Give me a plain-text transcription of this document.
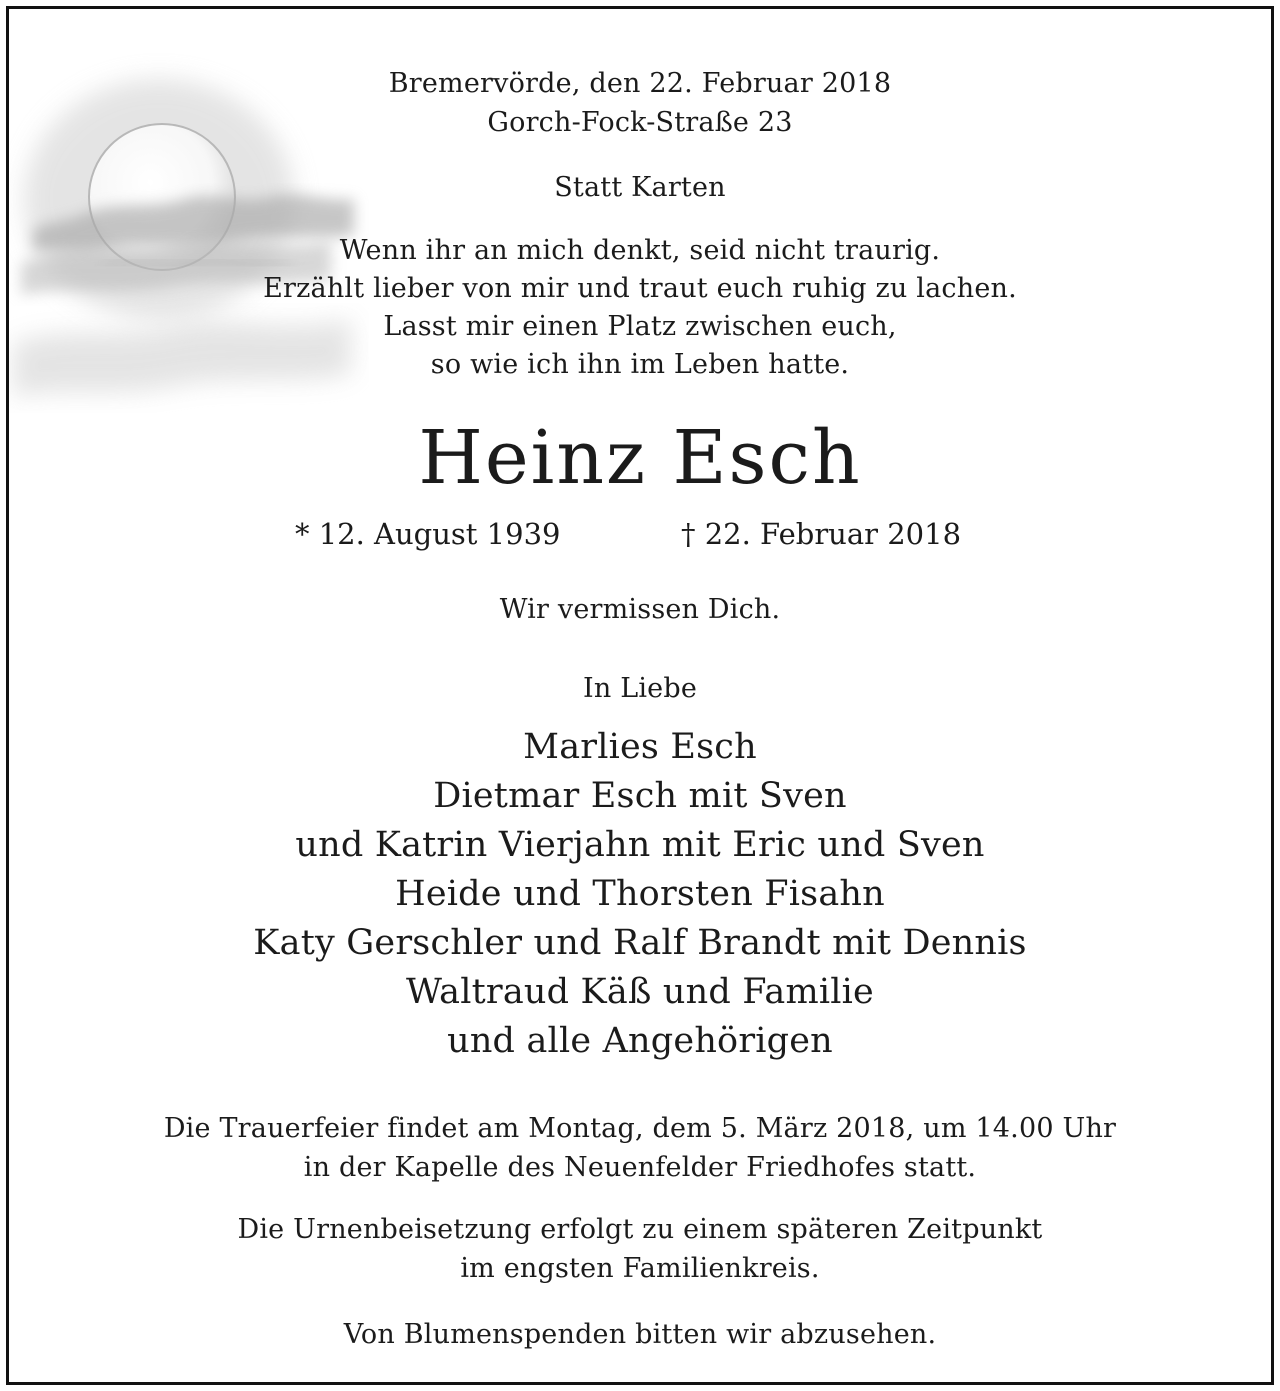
Bremervörde, den 22. Februar 2018
Gorch-Fock-Straße 23
Statt Karten
Wenn ihr an mich denkt, seid nicht traurig.
Erzählt lieber von mir und traut euch ruhig zu lachen.
Lasst mir einen Platz zwischen euch,
so wie ich ihn im Leben hatte.
Heinz Esch
* 12. August 1939	† 22. Februar 2018
Wir vermissen Dich.
In Liebe
Marlies Esch
Dietmar Esch mit Sven
und Katrin Vierjahn mit Eric und Sven
Heide und Thorsten Fisahn
Katy Gerschler und Ralf Brandt mit Dennis
Waltraud Käß und Familie
und alle Angehörigen
Die Trauerfeier findet am Montag, dem 5. März 2018, um 14.00 Uhr
in der Kapelle des Neuenfelder Friedhofes statt.
Die Urnenbeisetzung erfolgt zu einem späteren Zeitpunkt
im engsten Familienkreis.
Von Blumenspenden bitten wir abzusehen.
